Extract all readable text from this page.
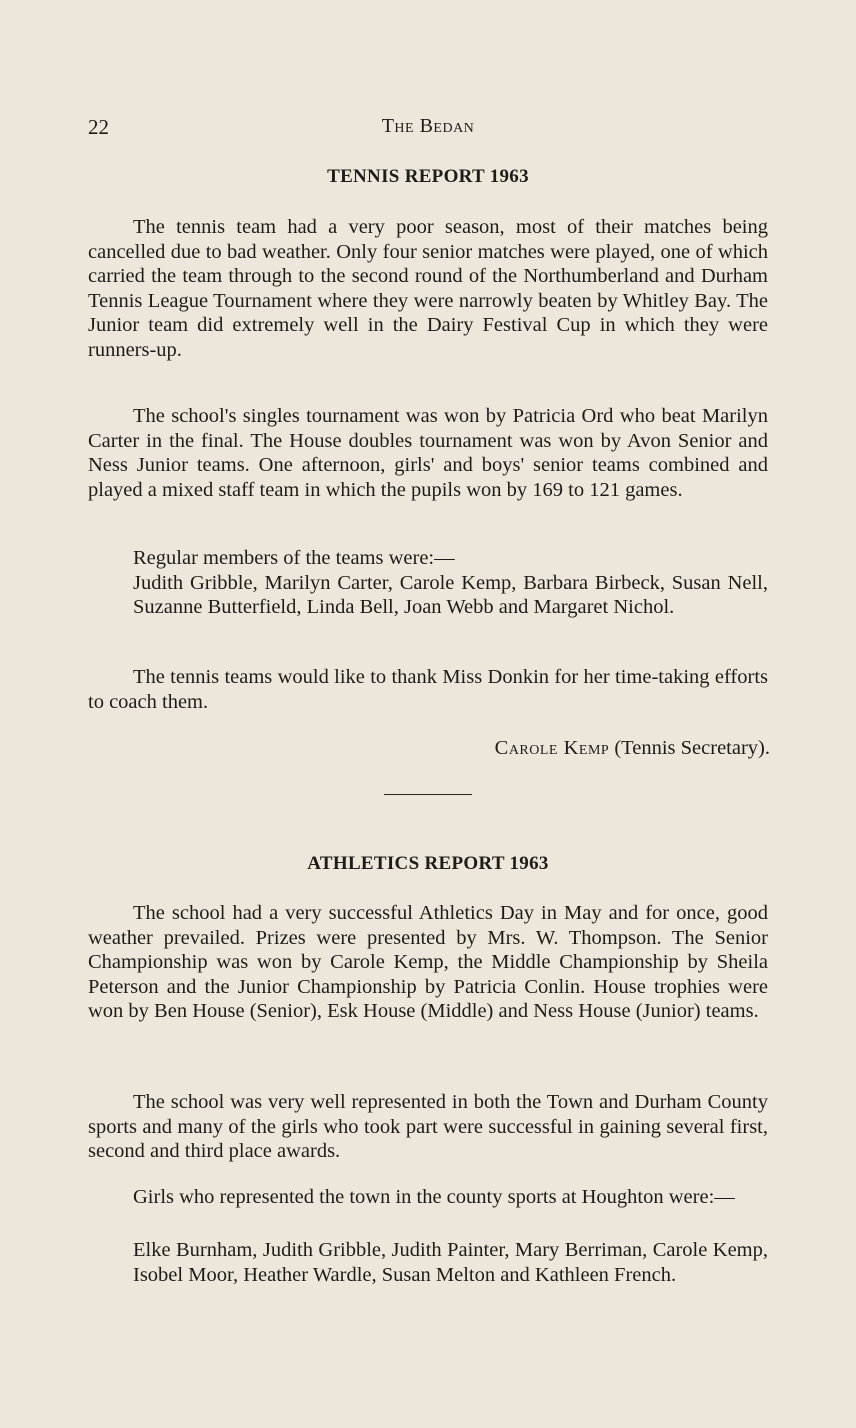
22	The Bedan
TENNIS REPORT 1963

The tennis team had a very poor season, most of their matches being cancelled due to bad weather. Only four senior matches were played, one of which carried the team through to the second round of the Northumberland and Durham Tennis League Tournament where they were narrowly beaten by Whitley Bay. The Junior team did extremely well in the Dairy Festival Cup in which they were runners-up.

The school's singles tournament was won by Patricia Ord who beat Marilyn Carter in the final. The House doubles tournament was won by Avon Senior and Ness Junior teams. One afternoon, girls' and boys' senior teams combined and played a mixed staff team in which the pupils won by 169 to 121 games.

Regular members of the teams were:—

Judith Gribble, Marilyn Carter, Carole Kemp, Barbara Birbeck, Susan Nell, Suzanne Butterfield, Linda Bell, Joan Webb and Margaret Nichol.

The tennis teams would like to thank Miss Donkin for her time-taking efforts to coach them.

Carole Kemp (Tennis Secretary).
ATHLETICS REPORT 1963

The school had a very successful Athletics Day in May and for once, good weather prevailed. Prizes were presented by Mrs. W. Thompson. The Senior Championship was won by Carole Kemp, the Middle Championship by Sheila Peterson and the Junior Championship by Patricia Conlin. House trophies were won by Ben House (Senior), Esk House (Middle) and Ness House (Junior) teams.

The school was very well represented in both the Town and Durham County sports and many of the girls who took part were successful in gaining several first, second and third place awards.

Girls who represented the town in the county sports at Houghton were:—

Elke Burnham, Judith Gribble, Judith Painter, Mary Berriman, Carole Kemp, Isobel Moor, Heather Wardle, Susan Melton and Kathleen French.
